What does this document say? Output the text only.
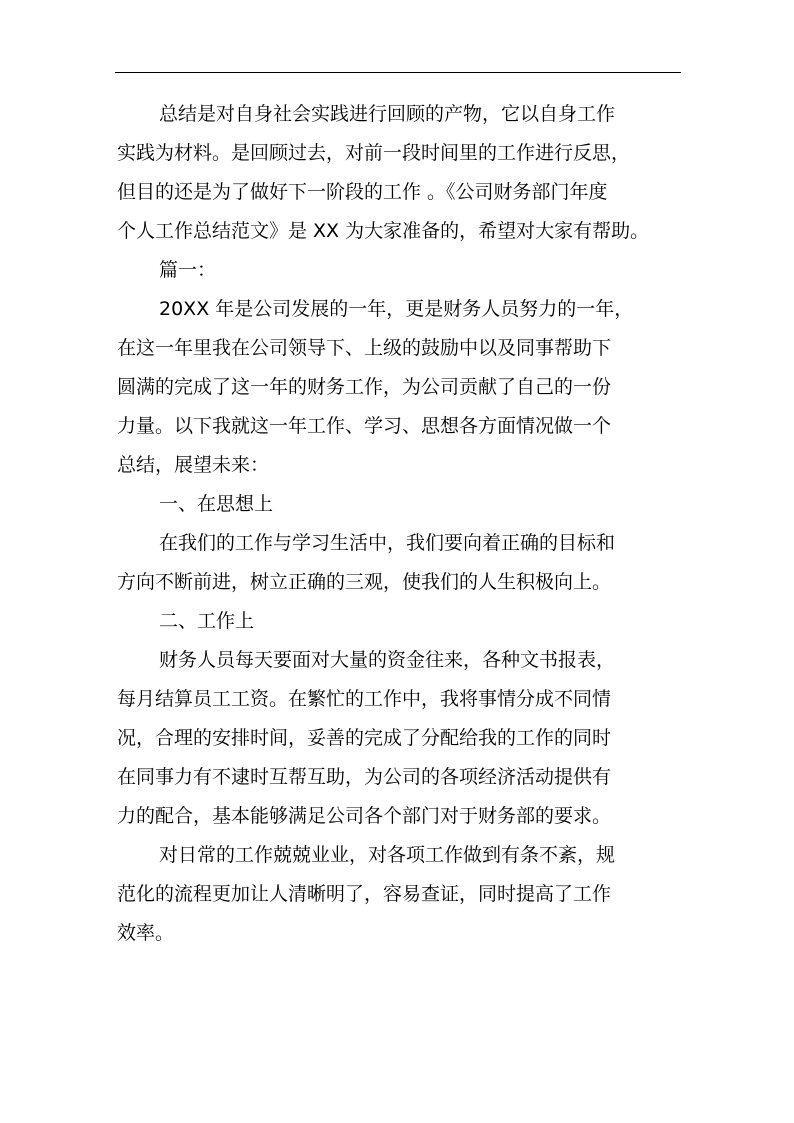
总结是对自身社会实践进行回顾的产物，它以自身工作
实践为材料。是回顾过去，对前一段时间里的工作进行反思，
但目的还是为了做好下一阶段的工作 。《公司财务部门年度
个人工作总结范文》是 XX 为大家准备的，希望对大家有帮助。
篇一：
20XX 年是公司发展的一年，更是财务人员努力的一年，
在这一年里我在公司领导下、上级的鼓励中以及同事帮助下
圆满的完成了这一年的财务工作，为公司贡献了自己的一份
力量。以下我就这一年工作、学习、思想各方面情况做一个
总结，展望未来：
一、在思想上
在我们的工作与学习生活中，我们要向着正确的目标和
方向不断前进，树立正确的三观，使我们的人生积极向上。
二、工作上
财务人员每天要面对大量的资金往来，各种文书报表，
每月结算员工工资。在繁忙的工作中，我将事情分成不同情
况，合理的安排时间，妥善的完成了分配给我的工作的同时
在同事力有不逮时互帮互助，为公司的各项经济活动提供有
力的配合，基本能够满足公司各个部门对于财务部的要求。
对日常的工作兢兢业业，对各项工作做到有条不紊，规
范化的流程更加让人清晰明了，容易查证，同时提高了工作
效率。
